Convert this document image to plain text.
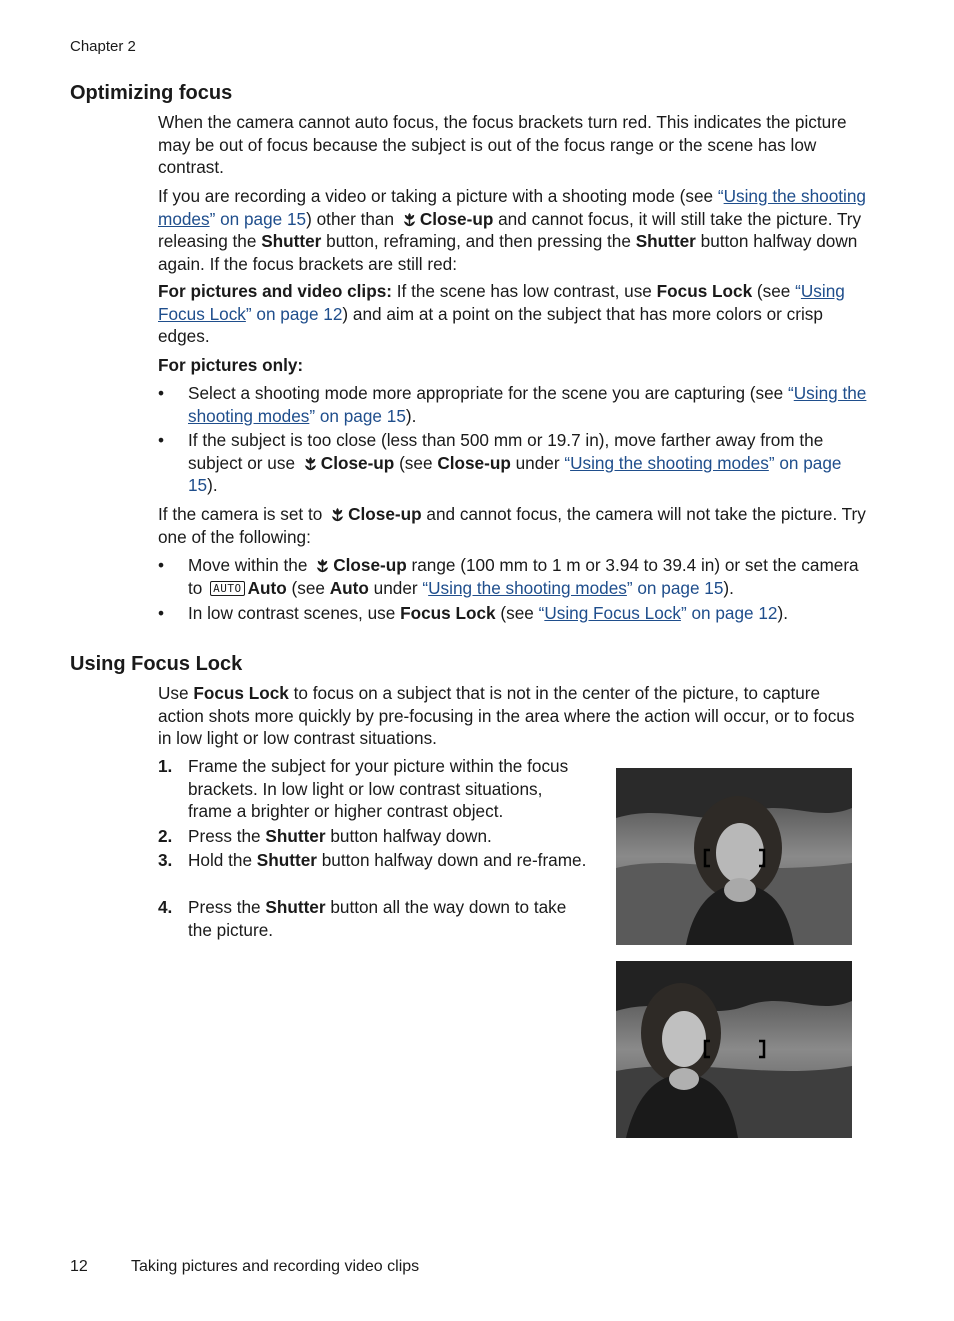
Chapter 2
Optimizing focus
When the camera cannot auto focus, the focus brackets turn red. This indicates the picture may be out of focus because the subject is out of the focus range or the scene has low contrast.
If you are recording a video or taking a picture with a shooting mode (see “Using the shooting modes” on page 15) other than Close-up and cannot focus, it will still take the picture. Try releasing the Shutter button, reframing, and then pressing the Shutter button halfway down again. If the focus brackets are still red:
For pictures and video clips: If the scene has low contrast, use Focus Lock (see “Using Focus Lock” on page 12) and aim at a point on the subject that has more colors or crisp edges.
For pictures only:
• Select a shooting mode more appropriate for the scene you are capturing (see “Using the shooting modes” on page 15).
• If the subject is too close (less than 500 mm or 19.7 in), move farther away from the subject or use Close-up (see Close-up under “Using the shooting modes” on page 15).
If the camera is set to Close-up and cannot focus, the camera will not take the picture. Try one of the following:
• Move within the Close-up range (100 mm to 1 m or 3.94 to 39.4 in) or set the camera to AUTO Auto (see Auto under “Using the shooting modes” on page 15).
• In low contrast scenes, use Focus Lock (see “Using Focus Lock” on page 12).
Using Focus Lock
Use Focus Lock to focus on a subject that is not in the center of the picture, to capture action shots more quickly by pre-focusing in the area where the action will occur, or to focus in low light or low contrast situations.
1. Frame the subject for your picture within the focus brackets. In low light or low contrast situations, frame a brighter or higher contrast object.
2. Press the Shutter button halfway down.
3. Hold the Shutter button halfway down and re-frame.
4. Press the Shutter button all the way down to take the picture.
12	Taking pictures and recording video clips
